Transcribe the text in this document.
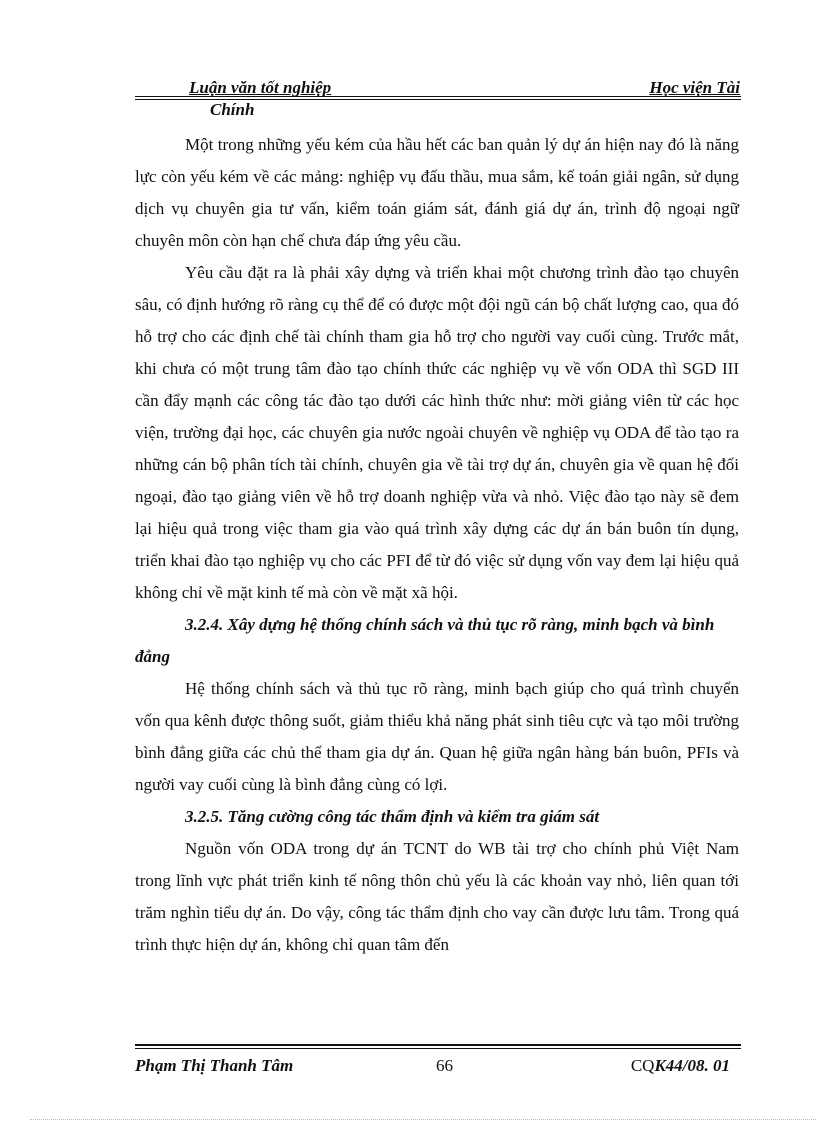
Luận văn tốt nghiệp	Học viện Tài
Chính

Một trong những yếu kém của hầu hết các ban quản lý dự án hiện nay đó là năng lực còn yếu kém về các mảng: nghiệp vụ đấu thầu, mua sắm, kế toán giải ngân, sử dụng dịch vụ chuyên gia tư vấn, kiểm toán giám sát, đánh giá dự án, trình độ ngoại ngữ chuyên môn còn hạn chế chưa đáp ứng yêu cầu.

Yêu cầu đặt ra là phải xây dựng và triển khai một chương trình đào tạo chuyên sâu, có định hướng rõ ràng cụ thể để có được một đội ngũ cán bộ chất lượng cao, qua đó hỗ trợ cho các định chế tài chính tham gia hỗ trợ cho người vay cuối cùng. Trước mắt, khi chưa có một trung tâm đào tạo chính thức các nghiệp vụ về vốn ODA thì SGD III cần đẩy mạnh các công tác đào tạo dưới các hình thức như: mời giảng viên từ các học viện, trường đại học, các chuyên gia nước ngoài chuyên về nghiệp vụ ODA để tào tạo ra những cán bộ phân tích tài chính, chuyên gia về tài trợ dự án, chuyên gia về quan hệ đối ngoại, đào tạo giảng viên về hỗ trợ doanh nghiệp vừa và nhỏ. Việc đào tạo này sẽ đem lại hiệu quả trong việc tham gia vào quá trình xây dựng các dự án bán buôn tín dụng, triển khai đào tạo nghiệp vụ cho các PFI để từ đó việc sử dụng vốn vay đem lại hiệu quả không chỉ về mặt kinh tế mà còn về mặt xã hội.

3.2.4. Xây dựng hệ thống chính sách và thủ tục rõ ràng, minh bạch và bình đẳng

Hệ thống chính sách và thủ tục rõ ràng, minh bạch giúp cho quá trình chuyển vốn qua kênh được thông suốt, giảm thiểu khả năng phát sinh tiêu cực và tạo môi trường bình đẳng giữa các chủ thể tham gia dự án. Quan hệ giữa ngân hàng bán buôn, PFIs và người vay cuối cùng là bình đẳng cùng có lợi.

3.2.5. Tăng cường công tác thẩm định và kiểm tra giám sát

Nguồn vốn ODA trong dự án TCNT do WB tài trợ cho chính phủ Việt Nam trong lĩnh vực phát triển kinh tế nông thôn chủ yếu là các khoản vay nhỏ, liên quan tới trăm nghìn tiểu dự án. Do vậy, công tác thẩm định cho vay cần được lưu tâm. Trong quá trình thực hiện dự án, không chỉ quan tâm đến

Phạm Thị Thanh Tâm	66	CQK44/08. 01
